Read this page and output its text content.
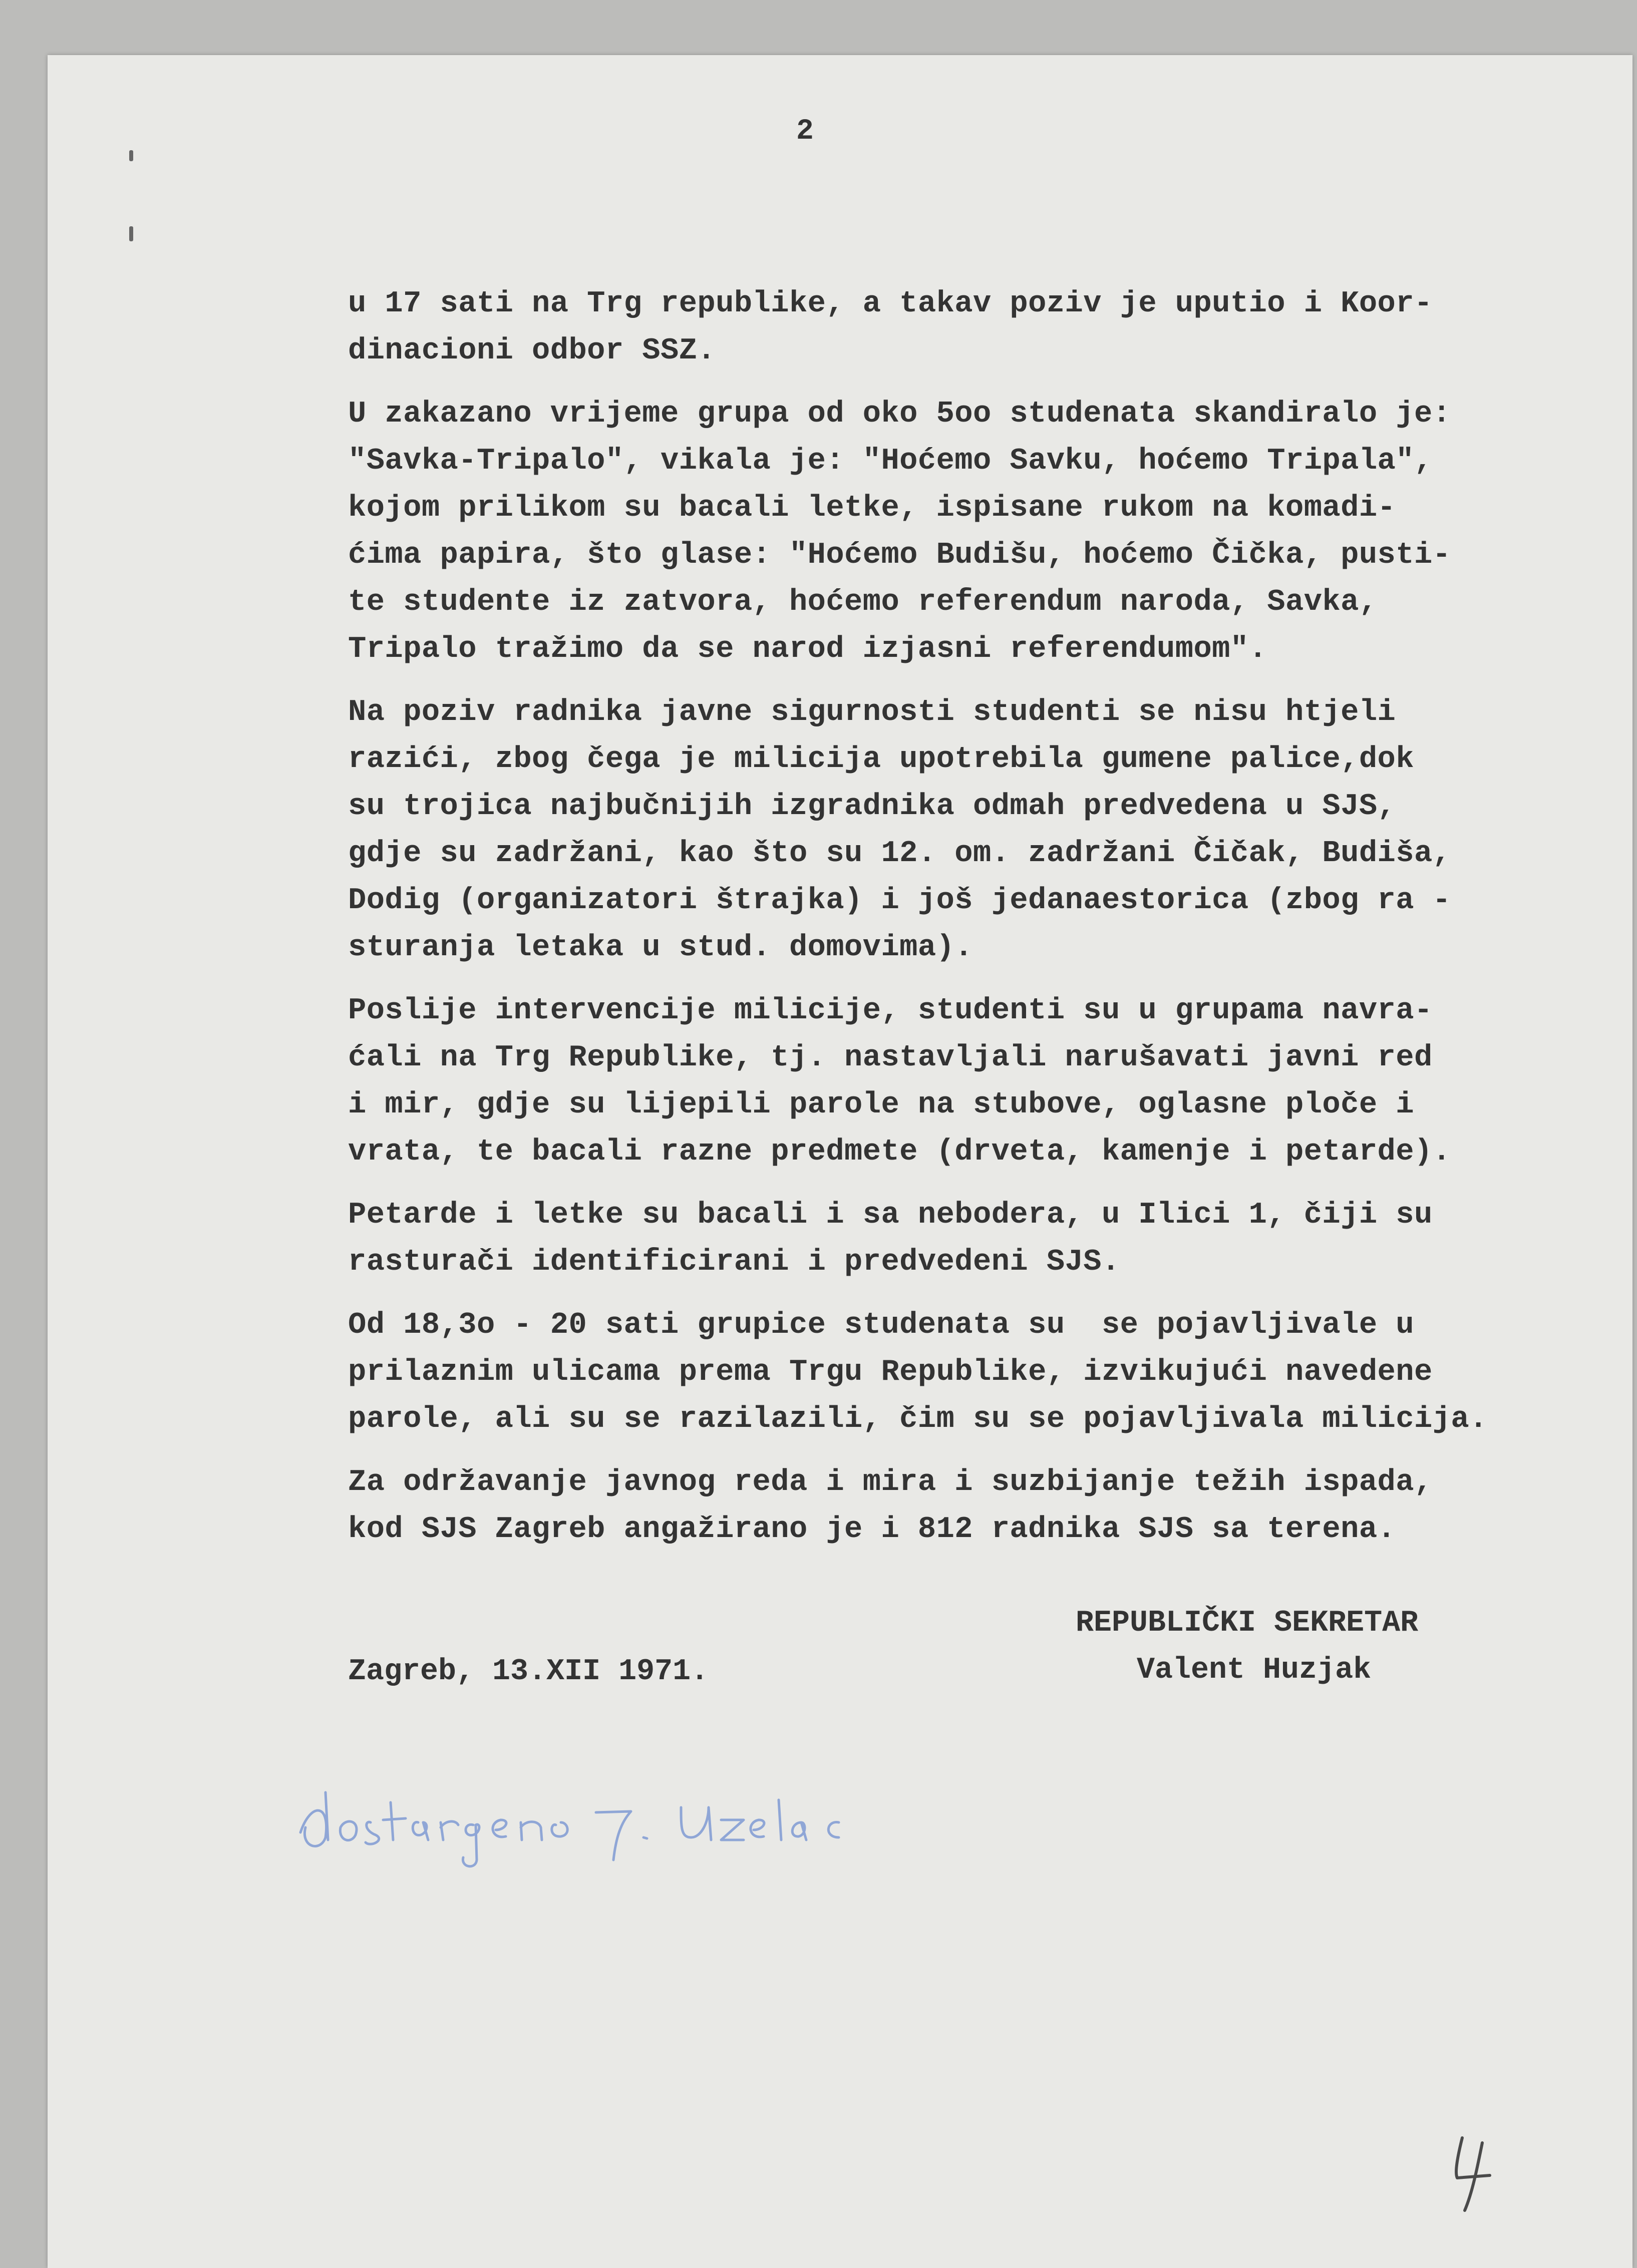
2
u 17 sati na Trg republike, a takav poziv je uputio i Koor-
dinacioni odbor SSZ.
U zakazano vrijeme grupa od oko 5oo studenata skandiralo je:
"Savka-Tripalo", vikala je: "Hoćemo Savku, hoćemo Tripala",
kojom prilikom su bacali letke, ispisane rukom na komadi-
ćima papira, što glase: "Hoćemo Budišu, hoćemo Čička, pusti-
te studente iz zatvora, hoćemo referendum naroda, Savka,
Tripalo tražimo da se narod izjasni referendumom".
Na poziv radnika javne sigurnosti studenti se nisu htjeli
razići, zbog čega je milicija upotrebila gumene palice,dok
su trojica najbučnijih izgradnika odmah predvedena u SJS,
gdje su zadržani, kao što su 12. om. zadržani Čičak, Budiša,
Dodig (organizatori štrajka) i još jedanaestorica (zbog ra -
sturanja letaka u stud. domovima).
Poslije intervencije milicije, studenti su u grupama navra-
ćali na Trg Republike, tj. nastavljali narušavati javni red
i mir, gdje su lijepili parole na stubove, oglasne ploče i
vrata, te bacali razne predmete (drveta, kamenje i petarde).
Petarde i letke su bacali i sa nebodera, u Ilici 1, čiji su
rasturači identificirani i predvedeni SJS.
Od 18,3o - 20 sati grupice studenata su  se pojavljivale u
prilaznim ulicama prema Trgu Republike, izvikujući navedene
parole, ali su se razilazili, čim su se pojavljivala milicija.
Za održavanje javnog reda i mira i suzbijanje težih ispada,
kod SJS Zagreb angažirano je i 812 radnika SJS sa terena.
REPUBLIČKI SEKRETAR
Valent Huzjak
Zagreb, 13.XII 1971.
